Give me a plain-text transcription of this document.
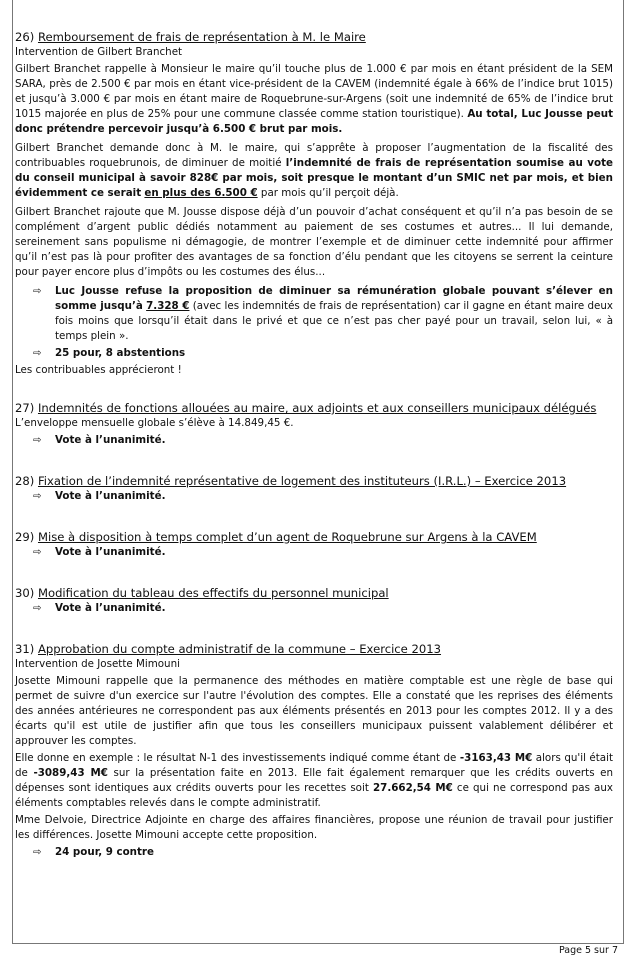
26) Remboursement de frais de représentation à M. le Maire
Intervention de Gilbert Branchet
Gilbert Branchet rappelle à Monsieur le maire qu’il touche plus de 1.000 € par mois en étant président de la SEM SARA, près de 2.500 € par mois en étant vice-président de la CAVEM (indemnité égale à 66% de l’indice brut 1015) et jusqu’à 3.000 € par mois en étant maire de Roquebrune-sur-Argens (soit une indemnité de 65% de l’indice brut 1015 majorée en plus de 25% pour une commune classée comme station touristique). Au total, Luc Jousse peut donc prétendre percevoir jusqu’à 6.500 € brut par mois.
Gilbert Branchet demande donc à M. le maire, qui s’apprête à proposer l’augmentation de la fiscalité des contribuables roquebrunois, de diminuer de moitié l’indemnité de frais de représentation soumise au vote du conseil municipal à savoir 828€ par mois, soit presque le montant d’un SMIC net par mois, et bien évidemment ce serait en plus des 6.500 € par mois qu’il perçoit déjà.
Gilbert Branchet rajoute que M. Jousse dispose déjà d’un pouvoir d’achat conséquent et qu’il n’a pas besoin de se complément d’argent public dédiés notamment au paiement de ses costumes et autres... Il lui demande, sereinement sans populisme ni démagogie, de montrer l’exemple et de diminuer cette indemnité pour affirmer qu’il n’est pas là pour profiter des avantages de sa fonction d’élu pendant que les citoyens se serrent la ceinture pour payer encore plus d’impôts ou les costumes des élus...
⇨	Luc Jousse refuse la proposition de diminuer sa rémunération globale pouvant s’élever en somme jusqu’à 7.328 € (avec les indemnités de frais de représentation) car il gagne en étant maire deux fois moins que lorsqu’il était dans le privé et que ce n’est pas cher payé pour un travail, selon lui, « à temps plein ».
⇨	25 pour, 8 abstentions
Les contribuables apprécieront !
27) Indemnités de fonctions allouées au maire, aux adjoints et aux conseillers municipaux délégués
L’enveloppe mensuelle globale s’élève à 14.849,45 €.
⇨	Vote à l’unanimité.
28) Fixation de l’indemnité représentative de logement des instituteurs (I.R.L.) – Exercice 2013
⇨	Vote à l’unanimité.
29) Mise à disposition à temps complet d’un agent de Roquebrune sur Argens à la CAVEM
⇨	Vote à l’unanimité.
30) Modification du tableau des effectifs du personnel municipal
⇨	Vote à l’unanimité.
31) Approbation du compte administratif de la commune – Exercice 2013
Intervention de Josette Mimouni
Josette Mimouni rappelle que la permanence des méthodes en matière comptable est une règle de base qui permet de suivre d'un exercice sur l'autre l'évolution des comptes. Elle a constaté que les reprises des éléments des années antérieures ne correspondent pas aux éléments présentés en 2013 pour les comptes 2012. Il y a des écarts qu'il est utile de justifier afin que tous les conseillers municipaux puissent valablement délibérer et approuver les comptes.
Elle donne en exemple : le résultat N-1 des investissements indiqué comme étant de -3163,43 M€ alors qu'il était de -3089,43 M€ sur la présentation faite en 2013. Elle fait également remarquer que les crédits ouverts en dépenses sont identiques aux crédits ouverts pour les recettes soit 27.662,54 M€ ce qui ne correspond pas aux éléments comptables relevés dans le compte administratif.
Mme Delvoie, Directrice Adjointe en charge des affaires financières, propose une réunion de travail pour justifier les différences. Josette Mimouni accepte cette proposition.
⇨	24 pour, 9 contre
Page 5 sur 7
